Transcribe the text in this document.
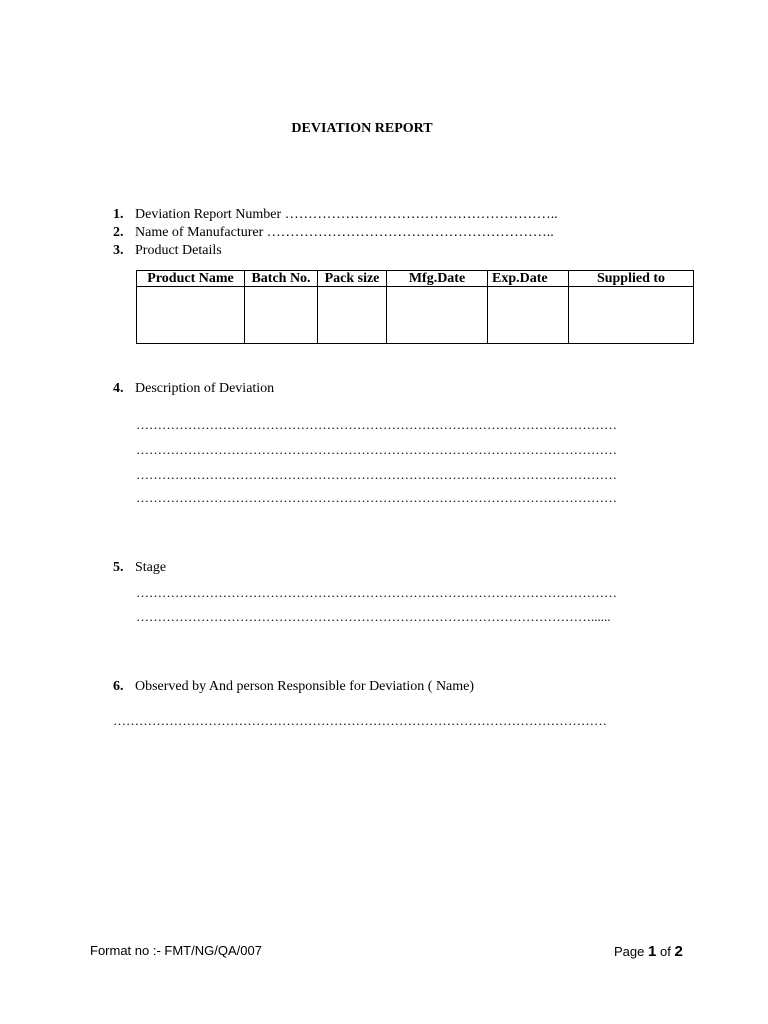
DEVIATION REPORT
1. Deviation Report Number …………………………………………………..
2. Name of Manufacturer ……………………………………………………..
3. Product Details
Product Name	Batch No.	Pack size	Mfg.Date	Exp.Date	Supplied to

4. Description of Deviation
…………………………………………………………………………………………………
…………………………………………………………………………………………………
…………………………………………………………………………………………………
…………………………………………………………………………………………………
5. Stage
…………………………………………………………………………………………………
……………………………………………………………………………………………......
6. Observed by And person Responsible for Deviation ( Name)
……………………………………………………………………………………………………
Format no :- FMT/NG/QA/007	Page 1 of 2
